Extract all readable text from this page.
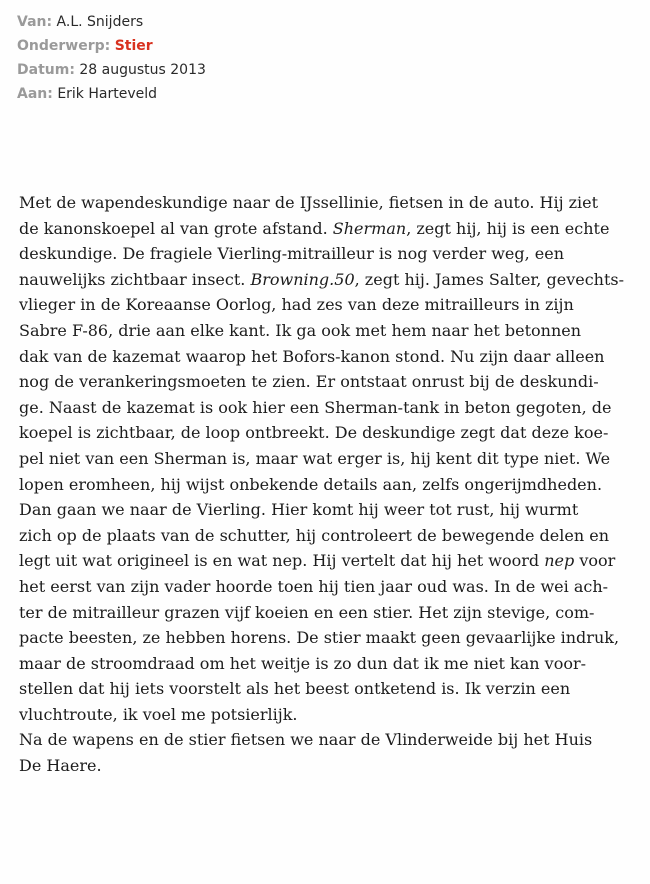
Van: A.L. Snijders
Onderwerp: Stier
Datum: 28 augustus 2013
Aan: Erik Harteveld
Met de wapendeskundige naar de IJssellinie, fietsen in de auto. Hij ziet
de kanonskoepel al van grote afstand. Sherman, zegt hij, hij is een echte
deskundige. De fragiele Vierling-mitrailleur is nog verder weg, een
nauwelijks zichtbaar insect. Browning.50, zegt hij. James Salter, gevechts-
vlieger in de Koreaanse Oorlog, had zes van deze mitrailleurs in zijn
Sabre F-86, drie aan elke kant. Ik ga ook met hem naar het betonnen
dak van de kazemat waarop het Bofors-kanon stond. Nu zijn daar alleen
nog de verankeringsmoeten te zien. Er ontstaat onrust bij de deskundi-
ge. Naast de kazemat is ook hier een Sherman-tank in beton gegoten, de
koepel is zichtbaar, de loop ontbreekt. De deskundige zegt dat deze koe-
pel niet van een Sherman is, maar wat erger is, hij kent dit type niet. We
lopen eromheen, hij wijst onbekende details aan, zelfs ongerijmdheden.
Dan gaan we naar de Vierling. Hier komt hij weer tot rust, hij wurmt
zich op de plaats van de schutter, hij controleert de bewegende delen en
legt uit wat origineel is en wat nep. Hij vertelt dat hij het woord nep voor
het eerst van zijn vader hoorde toen hij tien jaar oud was. In de wei ach-
ter de mitrailleur grazen vijf koeien en een stier. Het zijn stevige, com-
pacte beesten, ze hebben horens. De stier maakt geen gevaarlijke indruk,
maar de stroomdraad om het weitje is zo dun dat ik me niet kan voor-
stellen dat hij iets voorstelt als het beest ontketend is. Ik verzin een
vluchtroute, ik voel me potsierlijk.
Na de wapens en de stier fietsen we naar de Vlinderweide bij het Huis
De Haere.
